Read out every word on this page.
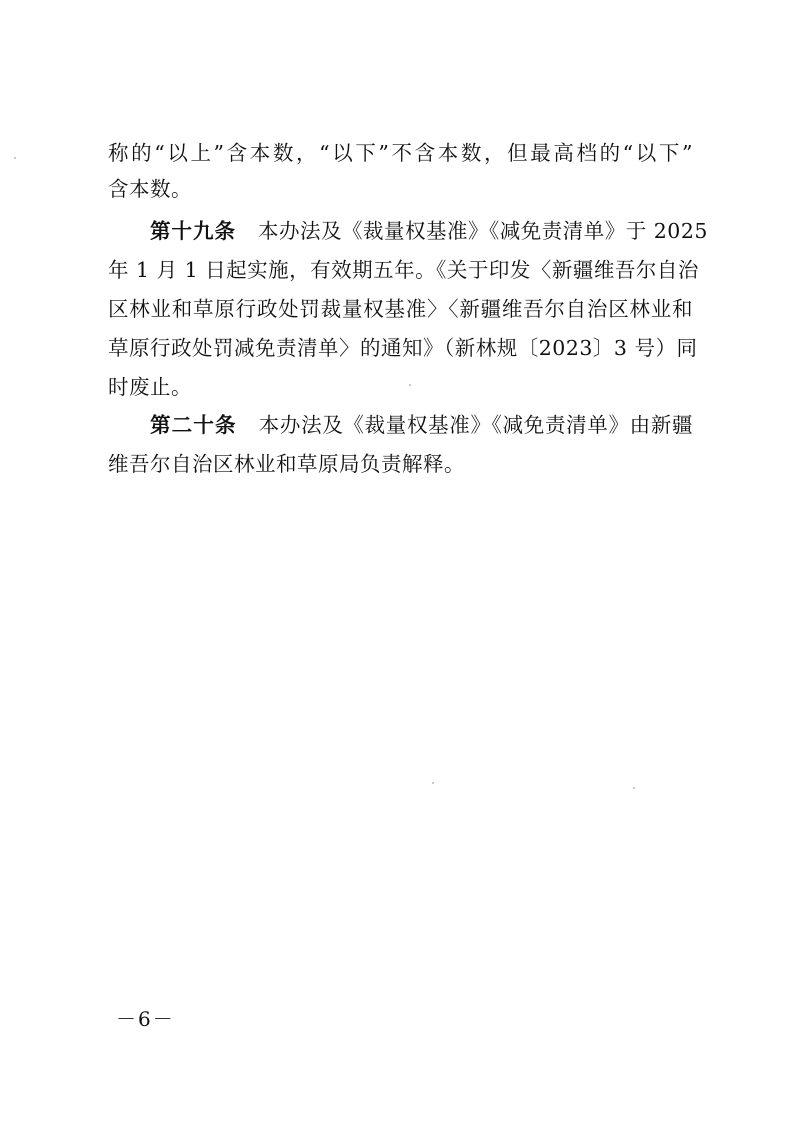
称的“以上”含本数，“以下”不含本数，但最高档的“以下”
含本数。
第十九条 本办法及《裁量权基准》《减免责清单》于 2025
年 1 月 1 日起实施，有效期五年。《关于印发〈新疆维吾尔自治
区林业和草原行政处罚裁量权基准〉〈新疆维吾尔自治区林业和
草原行政处罚减免责清单〉的通知》（新林规〔2023〕3 号）同
时废止。
第二十条 本办法及《裁量权基准》《减免责清单》由新疆
维吾尔自治区林业和草原局负责解释。
－6－
